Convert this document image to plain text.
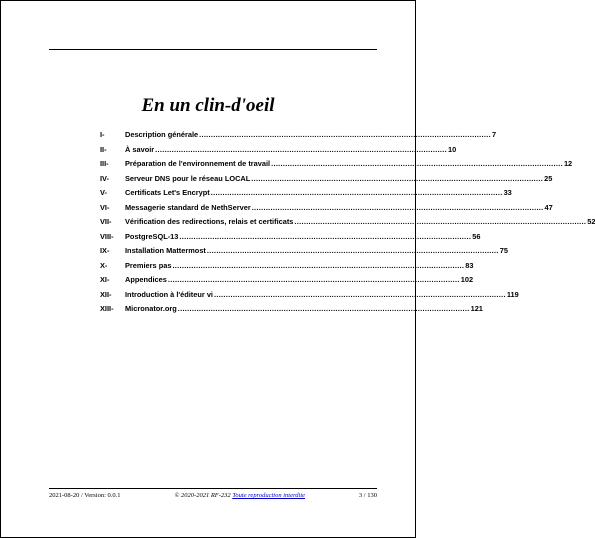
En un clin-d'oeil
I-	Description générale ............................................................................................................................ 7
II-	À savoir ............................................................................................................................ 10
III-	Préparation de l'environnement de travail ............................................................................................................................ 12
IV-	Serveur DNS pour le réseau LOCAL ............................................................................................................................ 25
V-	Certificats Let's Encrypt ............................................................................................................................ 33
VI-	Messagerie standard de NethServer ............................................................................................................................ 47
VII-	Vérification des redirections, relais et certificats ............................................................................................................................ 52
VIII-	PostgreSQL-13 ............................................................................................................................ 56
IX-	Installation Mattermost ............................................................................................................................ 75
X-	Premiers pas ............................................................................................................................ 83
XI-	Appendices ............................................................................................................................ 102
XII-	Introduction à l'éditeur vi ............................................................................................................................ 119
XIII-	Micronator.org ............................................................................................................................ 121
2021-08-20 / Version: 0.0.1	© 2020-2021 RF-232 Toute reproduction interdite	3 / 130
